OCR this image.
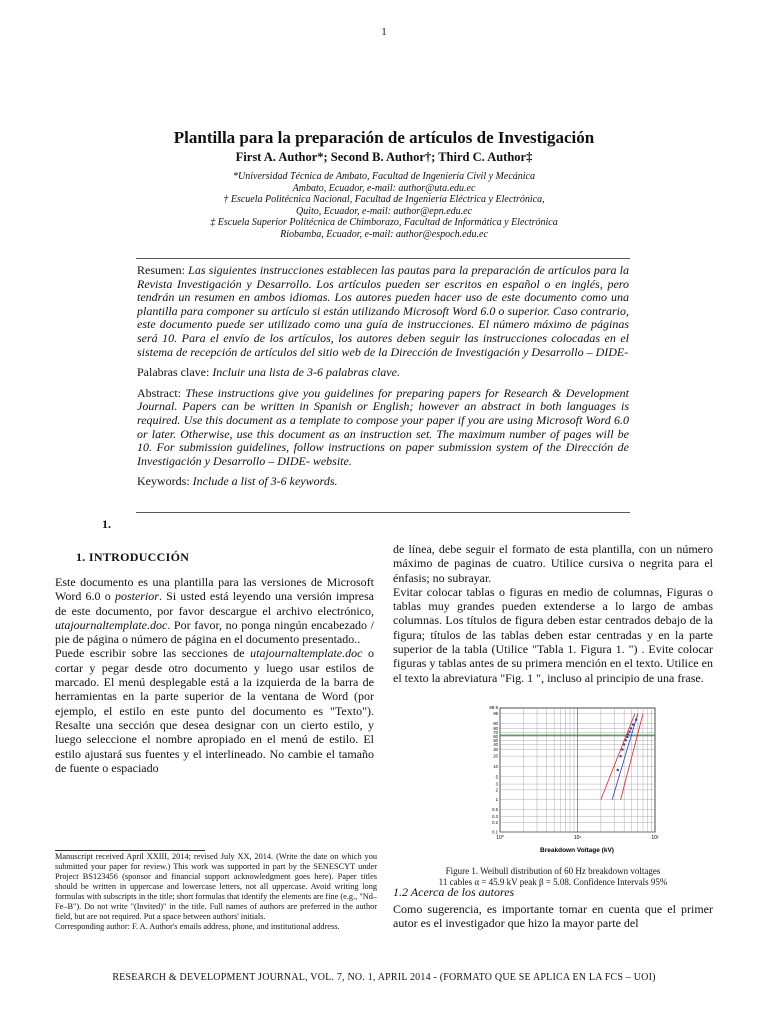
1
Plantilla para la preparación de artículos de Investigación
First A. Author*; Second B. Author†; Third C. Author‡
*Universidad Técnica de Ambato, Facultad de Ingeniería Civil y Mecánica
Ambato, Ecuador, e-mail: author@uta.edu.ec
† Escuela Politécnica Nacional, Facultad de Ingeniería Eléctrica y Electrónica,
Quito, Ecuador, e-mail: author@epn.edu.ec
‡ Escuela Superior Politécnica de Chimborazo, Facultad de Informática y Electrónica
Riobamba, Ecuador, e-mail: author@espoch.edu.ec

Resumen: Las siguientes instrucciones establecen las pautas para la preparación de artículos para la Revista Investigación y Desarrollo. Los artículos pueden ser escritos en español o en inglés, pero tendrán un resumen en ambos idiomas. Los autores pueden hacer uso de este documento como una plantilla para componer su artículo si están utilizando Microsoft Word 6.0 o superior. Caso contrario, este documento puede ser utilizado como una guía de instrucciones. El número máximo de páginas será 10. Para el envío de los artículos, los autores deben seguir las instrucciones colocadas en el sistema de recepción de artículos del sitio web de la Dirección de Investigación y Desarrollo – DIDE-

Palabras clave: Incluir una lista de 3-6 palabras clave.

Abstract: These instructions give you guidelines for preparing papers for Research & Development Journal. Papers can be written in Spanish or English; however an abstract in both languages is required. Use this document as a template to compose your paper if you are using Microsoft Word 6.0 or later. Otherwise, use this document as an instruction set. The maximum number of pages will be 10. For submission guidelines, follow instructions on paper submission system of the Dirección de Investigación y Desarrollo – DIDE- website.

Keywords: Include a list of 3-6 keywords.

1.
1. INTRODUCCIÓN

Este documento es una plantilla para las versiones de Microsoft Word 6.0 o posterior. Si usted está leyendo una versión impresa de este documento, por favor descargue el archivo electrónico, utajournaltemplate.doc. Por favor, no ponga ningún encabezado / pie de página o número de página en el documento presentado..

Puede escribir sobre las secciones de utajournaltemplate.doc o cortar y pegar desde otro documento y luego usar estilos de marcado. El menú desplegable está a la izquierda de la barra de herramientas en la parte superior de la ventana de Word (por ejemplo, el estilo en este punto del documento es "Texto"). Resalte una sección que desea designar con un cierto estilo, y luego seleccione el nombre apropiado en el menú de estilo. El estilo ajustará sus fuentes y el interlineado. No cambie el tamaño de fuente o espaciado

Manuscript received April XXIII, 2014; revised July XX, 2014. (Write the date on which you submitted your paper for review.) This work was supported in part by the SENESCYT under Project BS123456 (sponsor and financial support acknowledgment goes here). Paper titles should be written in uppercase and lowercase letters, not all uppercase. Avoid writing long formulas with subscripts in the title; short formulas that identify the elements are fine (e.g., "Nd–Fe–B"). Do not write "(Invited)" in the title. Full names of authors are preferred in the author field, but are not required. Put a space between authors' initials.

Corresponding author: F. A. Author's emails address, phone, and institutional address.

de línea, debe seguir el formato de esta plantilla, con un número máximo de paginas de cuatro. Utilice cursiva o negrita para el énfasis; no subrayar.

Evitar colocar tablas o figuras en medio de columnas, Figuras o tablas muy grandes pueden extenderse a lo largo de ambas columnas. Los títulos de figura deben estar centrados debajo de la figura; títulos de las tablas deben estar centradas y en la parte superior de la tabla (Utilice "Tabla 1. Figura 1. ") . Evite colocar figuras y tablas antes de su primera mención en el texto. Utilice en el texto la abreviatura "Fig. 1 ", incluso al principio de una frase.

99
90
80
70
60
50
40
30
20
10
5
3
2
1
0.5
0.3
0.2
0.1
10⁰	10¹	10²
99.9
Breakdown Voltage (kV)
Figure 1. Weibull distribution of 60 Hz breakdown voltages
11 cables α = 45.9 kV peak β = 5.08. Confidence Intervals 95%
1.2 Acerca de los autores

Como sugerencia, es importante tomar en cuenta que el primer autor es el investigador que hizo la mayor parte del

RESEARCH & DEVELOPMENT JOURNAL, VOL. 7, NO. 1, APRIL 2014 - (FORMATO QUE SE APLICA EN LA FCS – UOI)
